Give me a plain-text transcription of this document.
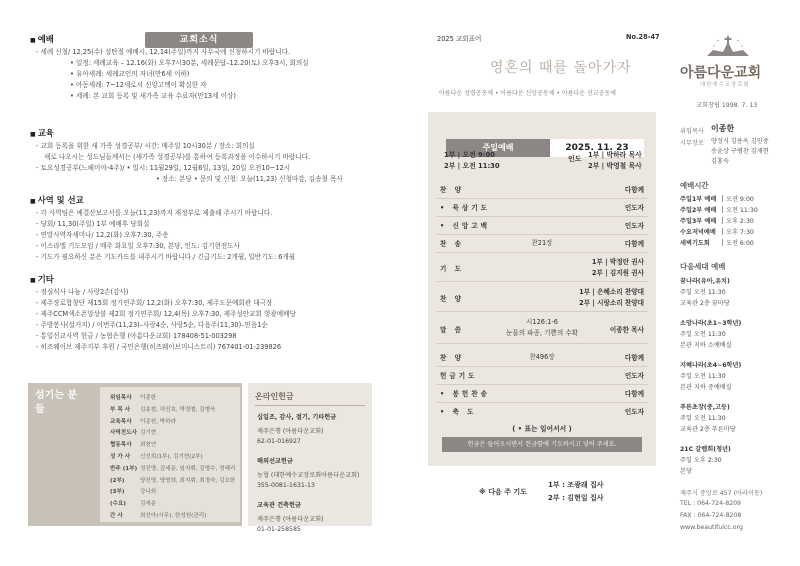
교회소식
■ 예배
- 세례 신청/ 12,25(수) 성탄절 예배시, 12,14(주일)까지 사무국에 신청하시기 바랍니다.
• 일정: 세례교육 – 12.16(화) 오후7시30분, 세례문답–12.20(토) 오후3시, 회의실
• 유아세례: 세례교인의 자녀(만6세 이하)
• 아동세례: 7~12세로서 신앙고백이 확실한 자
• 세례: 본 교회 등록 및 새가족 교육 수료자(만13세 이상)
■ 교육
- 교회 등록을 위한 새 가족 성경공부/ 시간: 매주일 10시30분 / 장소: 회의실
새로 나오시는 성도님들께서는 (새가족 성경공부)를 통하여 등록과정을 이수하시기 바랍니다.
- 토요성경공부(느헤미야-4주)/ • 일시: 11월29일, 12월6일, 13일, 20일 오전10~12시
• 장소: 본당 • 문의 및 신청: 오늘(11,23) 신청마감, 김송철 목사
■ 사역 및 선교
- 각 사역팀은 예결산보고서를 오늘(11,23)까지 재정부로 제출해 주시기 바랍니다.
- 당회/ 11,30(주일) 1부 예배후 당회실
- 연말사역자세미나/ 12,2(화) 오후7:30, 주송
- 이스라엘 기도모임 / 매주 화요일 오후7:30, 본당, 인도: 김기현전도사
- 기도가 필요하신 분은 기도카드를 내주시기 바랍니다./ 긴급기도: 2개월, 일반기도: 6개월
■ 기타
- 점심식사 나눔 / 사랑2손(감사)
- 제주장로합창단 제15회 정기연주회/ 12,2(화) 오후7:30, 제주도문예회관 대극장
- 제주CCM색소폰앙상블 제2회 정기연주회/ 12,4(목) 오후7:30, 제주성안교회 영광예배당
- 주방봉사(설거지) / 이번주(11,23)–사랑4순, 사랑5순, 다음주(11,30)–믿음1순
- 통일선교사역 헌금 / 농협은행 (아름다운교회) 178408-51-003298
- 히즈웨이브 제주지부 후원 / 국민은행(히즈웨이브미니스트리) 767401-01-239826
섬기는 분들
위임목사 이종한
부 목 사 김송철, 허진호, 박경철, 김형욱
교육목사 이종원, 박하라
사역전도사 김기현
협동목사 최천연
성 가 사 신선희(1부), 김기현(2부)
반주 (1부) 정진명, 김세운, 임지휘, 김명수, 정혜리
(2부)	양진영, 양영희, 최지휘, 최경숙, 김요한
(3부)	강나희
(수요)	김세운
간 사	최선아(사무), 한성원(관리)
온라인헌금
십일조, 감사, 절기, 기타헌금
제주은행 (아름다운교회)
62-01-016927
해외선교헌금
농협 (대한예수교장로회아름다운교회)
355-0081-1631-13
교육관 건축헌금
제주은행 (아름다운교회)
01-01-258585
2025 교회표어	No.28-47
영혼의 때를 돌아가자
아름다운 성령공동체 • 아름다운 신앙공동체 • 아름다운 선교공동체
주일예배	2025. 11. 23
1부 | 오전 9:00
2부 | 오전 11:30
인도 1부 | 박하라 목사
2부 | 박영철 목사
찬 양	다함께
• 묵상기도	인도자
• 신앙고백	인도자
찬 송	찬21장	다함께
기 도
1부 | 박정란 권사
2부 | 김지원 권사
찬 양
1부 | 은혜소리 찬양대
2부 | 시랑소리 찬양대
말 씀
시126:1-6
눈물의 파종, 기쁨의 수확	이종한 목사
찬 양	찬496장	다함께
헌금기도	인도자
• 봉헌찬송	다함께
• 축 도	인도자
( • 표는 일어서서 )
헌금은 들어오시면서 헌금함에 기도하시고 넣어 주세요.
※ 다음 주 기도
1부 : 조광래 집사
2부 : 김현일 집사
아름다운교회
대한예수교장로회
교회창립 1998. 7. 13
위임목사 이종한
시무장로 양성식 김용옥 김인중
송윤상 구병찬 김재현
김홍숙
예배시간
주일1부 예배 오전 9:00
주일2부 예배 오전 11:30
주일3부 예배 오후 2:30
수요저녁예배 오후 7:30
새벽기도회	오전 6:00
다음세대 예배
꿈나라(유아,유치)
주일 오전 11:30
교육관 2층 꿈마당
소망나라(초1~3학년)
주일 오전 11:30
본관 지하 소예배실
지혜나라(초4~6학년)
주일 오전 11:30
본관 지하 중예배실
푸른초장(중,고등)
주일 오전 11:30
교육관 2층 푸른마당
21C 갈렙회(청년)
주일 오후 2:30
본당
제주시 중앙로 457 (아라이동)
TEL : 064-724-8209
FAX : 064-724-8208
www.beautifulcc.org
